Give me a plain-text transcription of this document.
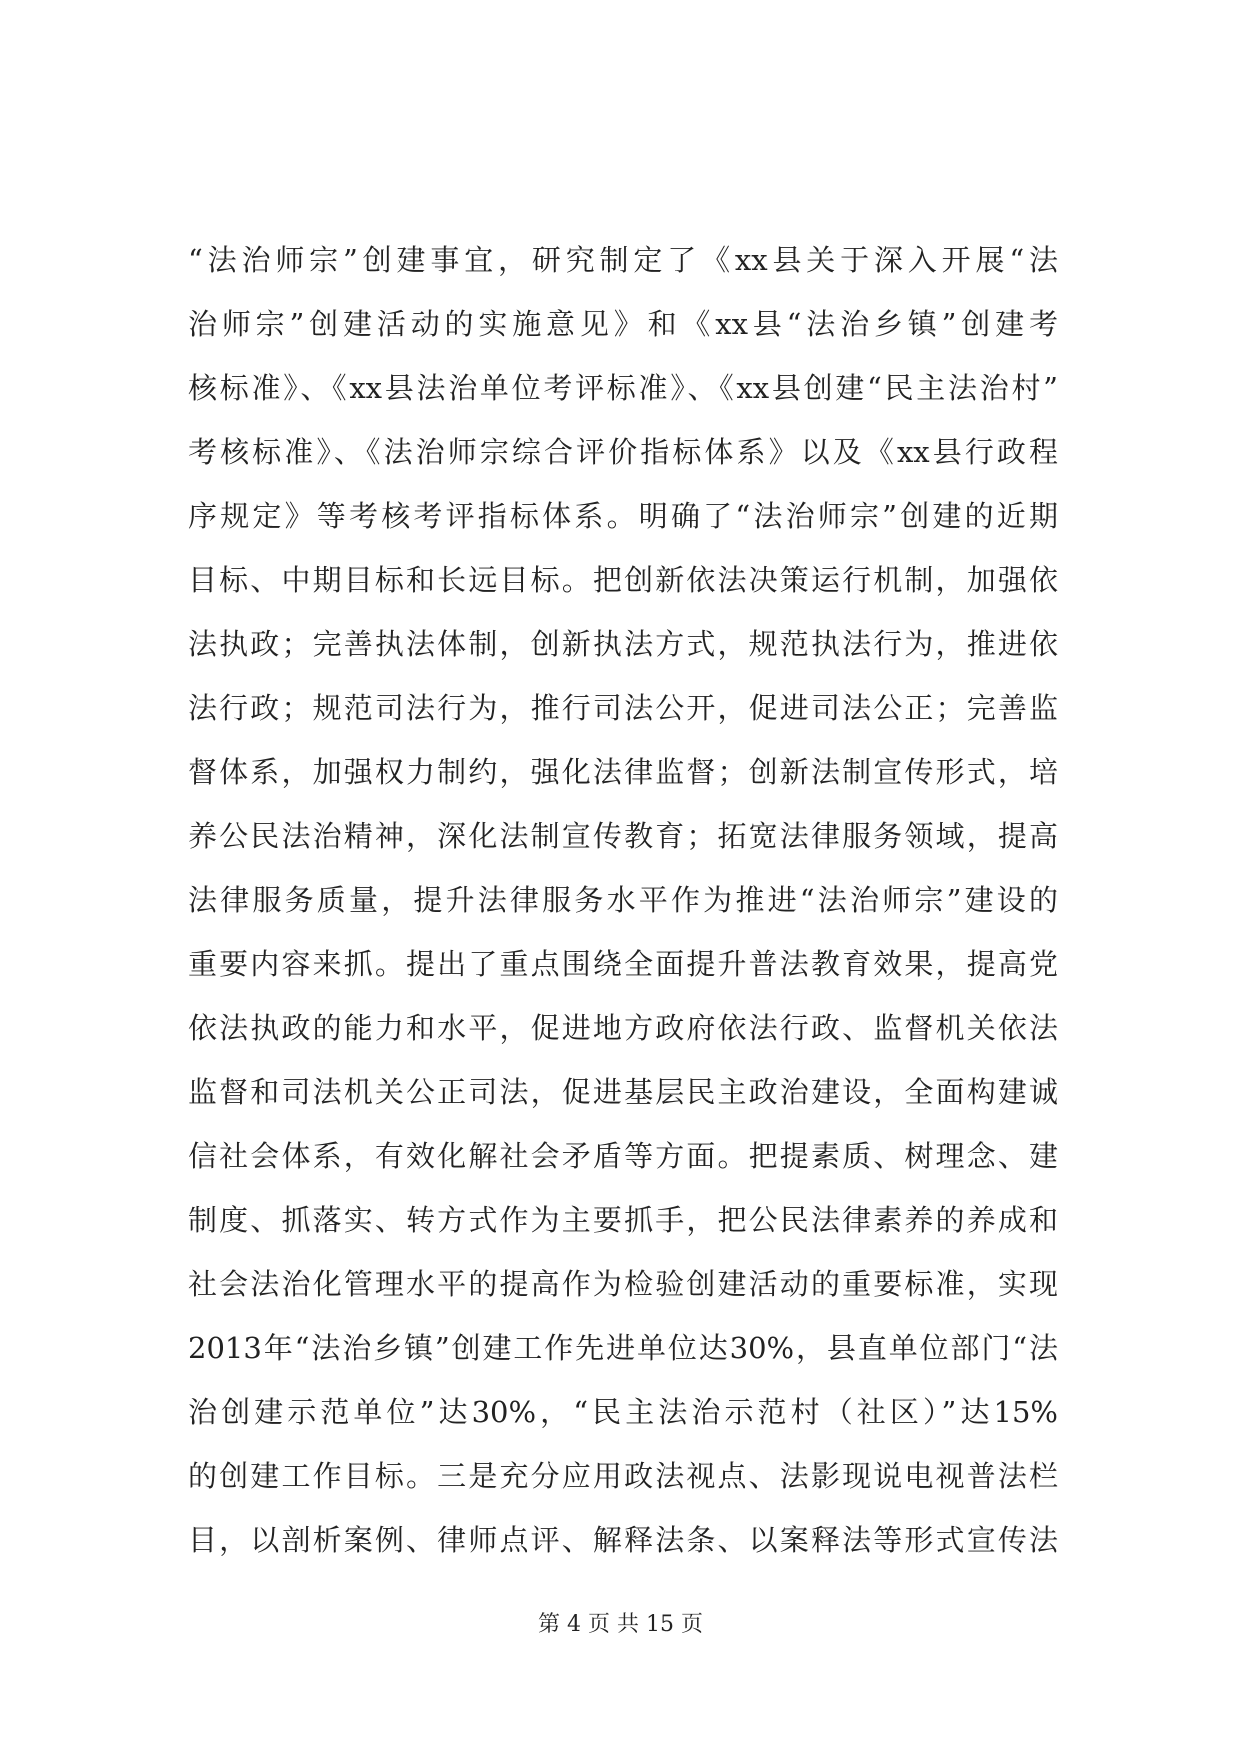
“法治师宗”创建事宜，研究制定了《xx县关于深入开展“法
治师宗”创建活动的实施意见》和《xx县“法治乡镇”创建考
核标准》、《xx县法治单位考评标准》、《xx县创建“民主法治村”
考核标准》、《法治师宗综合评价指标体系》以及《xx县行政程
序规定》等考核考评指标体系。明确了“法治师宗”创建的近期
目标、中期目标和长远目标。把创新依法决策运行机制，加强依
法执政；完善执法体制，创新执法方式，规范执法行为，推进依
法行政；规范司法行为，推行司法公开，促进司法公正；完善监
督体系，加强权力制约，强化法律监督；创新法制宣传形式，培
养公民法治精神，深化法制宣传教育；拓宽法律服务领域，提高
法律服务质量，提升法律服务水平作为推进“法治师宗”建设的
重要内容来抓。提出了重点围绕全面提升普法教育效果，提高党
依法执政的能力和水平，促进地方政府依法行政、监督机关依法
监督和司法机关公正司法，促进基层民主政治建设，全面构建诚
信社会体系，有效化解社会矛盾等方面。把提素质、树理念、建
制度、抓落实、转方式作为主要抓手，把公民法律素养的养成和
社会法治化管理水平的提高作为检验创建活动的重要标准，实现
2013年“法治乡镇”创建工作先进单位达30%，县直单位部门“法
治创建示范单位”达30%，“民主法治示范村（社区）”达15%
的创建工作目标。三是充分应用政法视点、法影现说电视普法栏
目，以剖析案例、律师点评、解释法条、以案释法等形式宣传法
第 4 页 共 15 页
